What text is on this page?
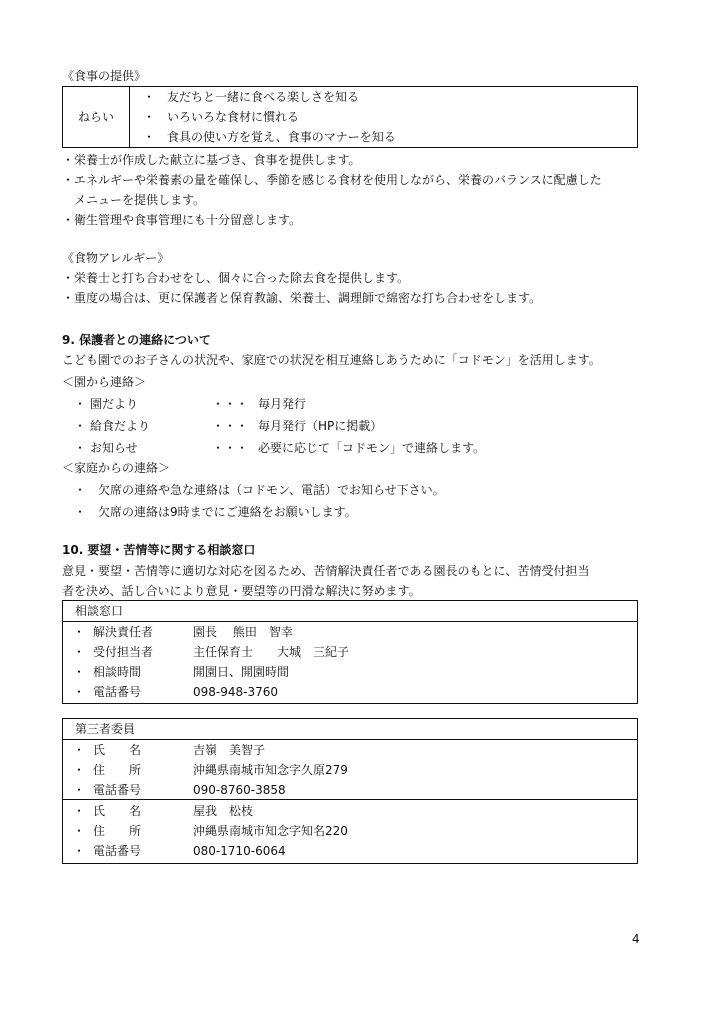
《食事の提供》
ねらい
・　友だちと一緒に食べる楽しさを知る
・　いろいろな食材に慣れる
・　食具の使い方を覚え、食事のマナーを知る
・栄養士が作成した献立に基づき、食事を提供します。
・エネルギーや栄養素の量を確保し、季節を感じる食材を使用しながら、栄養のバランスに配慮した
　メニューを提供します。
・衛生管理や食事管理にも十分留意します。
《食物アレルギー》
・栄養士と打ち合わせをし、個々に合った除去食を提供します。
・重度の場合は、更に保護者と保育教諭、栄養士、調理師で綿密な打ち合わせをします。
9. 保護者との連絡について
こども園でのお子さんの状況や、家庭での状況を相互連絡しあうために「コドモン」を活用します。
＜園から連絡＞
・ 園だより	・・・ 毎月発行
・ 給食だより	・・・ 毎月発行（HPに掲載）
・ お知らせ	・・・ 必要に応じて「コドモン」で連絡します。
＜家庭からの連絡＞
・　欠席の連絡や急な連絡は（コドモン、電話）でお知らせ下さい。
・　欠席の連絡は9時までにご連絡をお願いします。
10. 要望・苦情等に関する相談窓口
意見・要望・苦情等に適切な対応を図るため、苦情解決責任者である園長のもとに、苦情受付担当
者を決め、話し合いにより意見・要望等の円滑な解決に努めます。
相談窓口
・ 解決責任者	園長　 熊田　智幸
・ 受付担当者	主任保育士　　大城　三紀子
・ 相談時間	開園日、開園時間
・ 電話番号	098-948-3760
第三者委員
・ 氏　　名	吉嶺　美智子
・ 住　　所	沖縄県南城市知念字久原279
・ 電話番号	090-8760-3858
・ 氏　　名	屋我　松枝
・ 住　　所	沖縄県南城市知念字知名220
・ 電話番号	080-1710-6064
4
